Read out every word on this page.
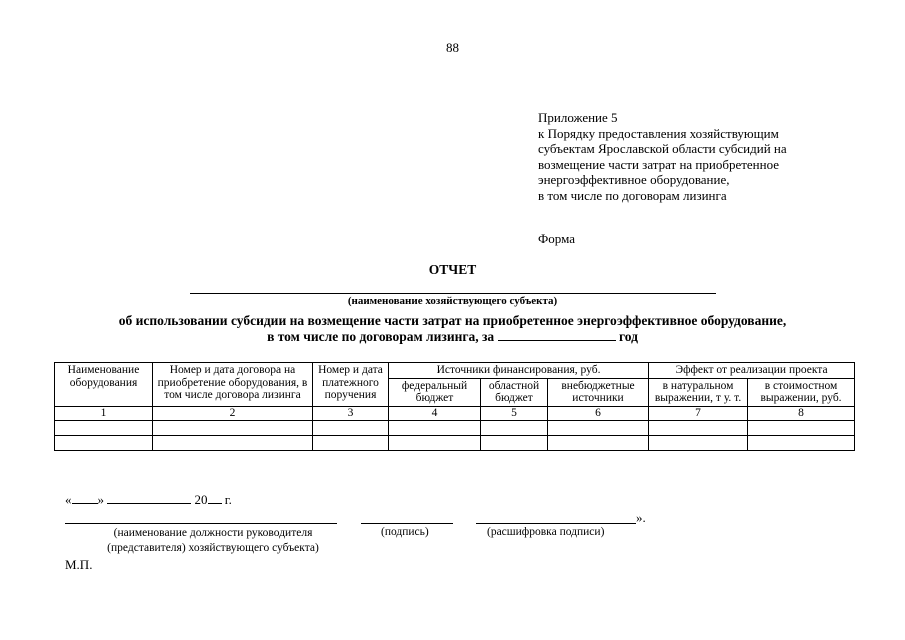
88
Приложение 5
к Порядку предоставления хозяйствующим
субъектам Ярославской области субсидий на
возмещение части затрат на приобретенное
энергоэффективное оборудование,
в том числе по договорам лизинга
Форма
ОТЧЕТ
(наименование хозяйствующего субъекта)
об использовании субсидии на возмещение части затрат на приобретенное энергоэффективное оборудование,
в том числе по договорам лизинга, за	год
Наименование оборудования	Номер и дата договора на приобретение оборудования, в том числе договора лизинга	Номер и дата платежного поручения	Источники финансирования, руб.			Эффект от реализации проекта	
			федеральный бюджет	областной бюджет	внебюджетные источники	в натуральном выражении, т у. т.	в стоимостном выражении, руб.
1	2	3	4	5	6	7	8

« »	20 г.
».
(наименование должности руководителя
(представителя) хозяйствующего субъекта)
(подпись)	(расшифровка подписи)
М.П.
